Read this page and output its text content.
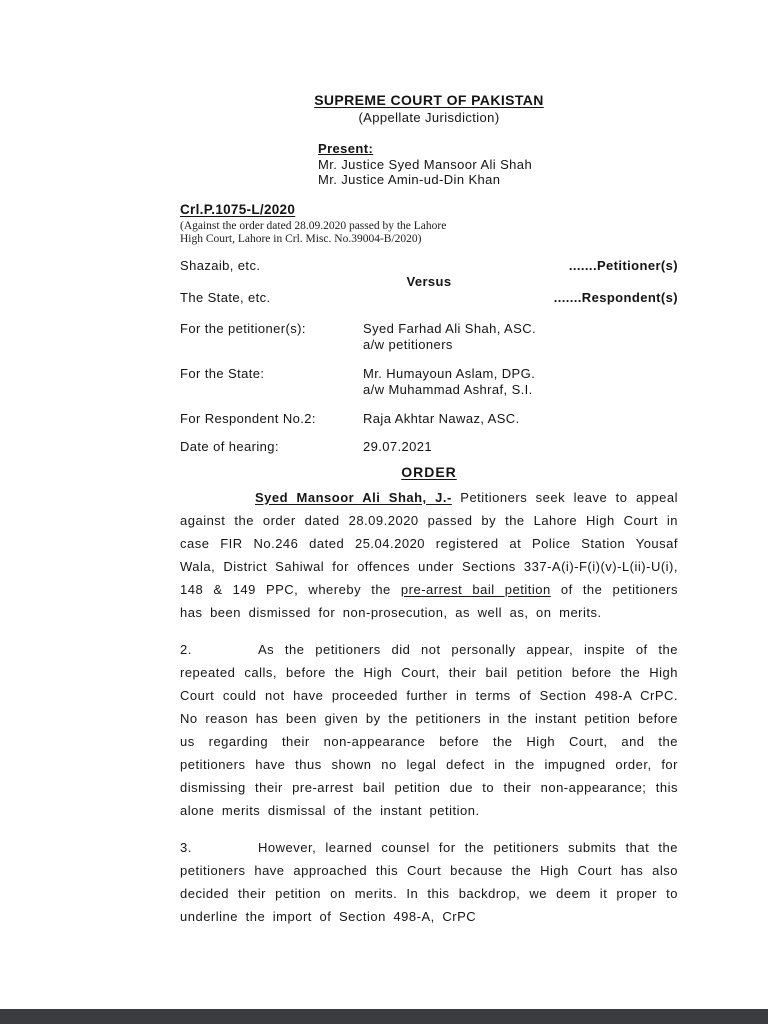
SUPREME COURT OF PAKISTAN
(Appellate Jurisdiction)
Present:
Mr. Justice Syed Mansoor Ali Shah
Mr. Justice Amin-ud-Din Khan
Crl.P.1075-L/2020
(Against the order dated 28.09.2020 passed by the Lahore
High Court, Lahore in Crl. Misc. No.39004-B/2020)
Shazaib, etc.	.......Petitioner(s)
Versus
The State, etc.	.......Respondent(s)
For the petitioner(s):	Syed Farhad Ali Shah, ASC.
a/w petitioners
For the State:	Mr. Humayoun Aslam, DPG.
a/w Muhammad Ashraf, S.I.
For Respondent No.2:	Raja Akhtar Nawaz, ASC.
Date of hearing:	29.07.2021
ORDER

Syed Mansoor Ali Shah, J.- Petitioners seek leave to appeal against the order dated 28.09.2020 passed by the Lahore High Court in case FIR No.246 dated 25.04.2020 registered at Police Station Yousaf Wala, District Sahiwal for offences under Sections 337-A(i)-F(i)(v)-L(ii)-U(i), 148 & 149 PPC, whereby the pre-arrest bail petition of the petitioners has been dismissed for non-prosecution, as well as, on merits.

2.	As the petitioners did not personally appear, inspite of the repeated calls, before the High Court, their bail petition before the High Court could not have proceeded further in terms of Section 498-A CrPC. No reason has been given by the petitioners in the instant petition before us regarding their non-appearance before the High Court, and the petitioners have thus shown no legal defect in the impugned order, for dismissing their pre-arrest bail petition due to their non-appearance; this alone merits dismissal of the instant petition.

3.	However, learned counsel for the petitioners submits that the petitioners have approached this Court because the High Court has also decided their petition on merits. In this backdrop, we deem it proper to underline the import of Section 498-A, CrPC
